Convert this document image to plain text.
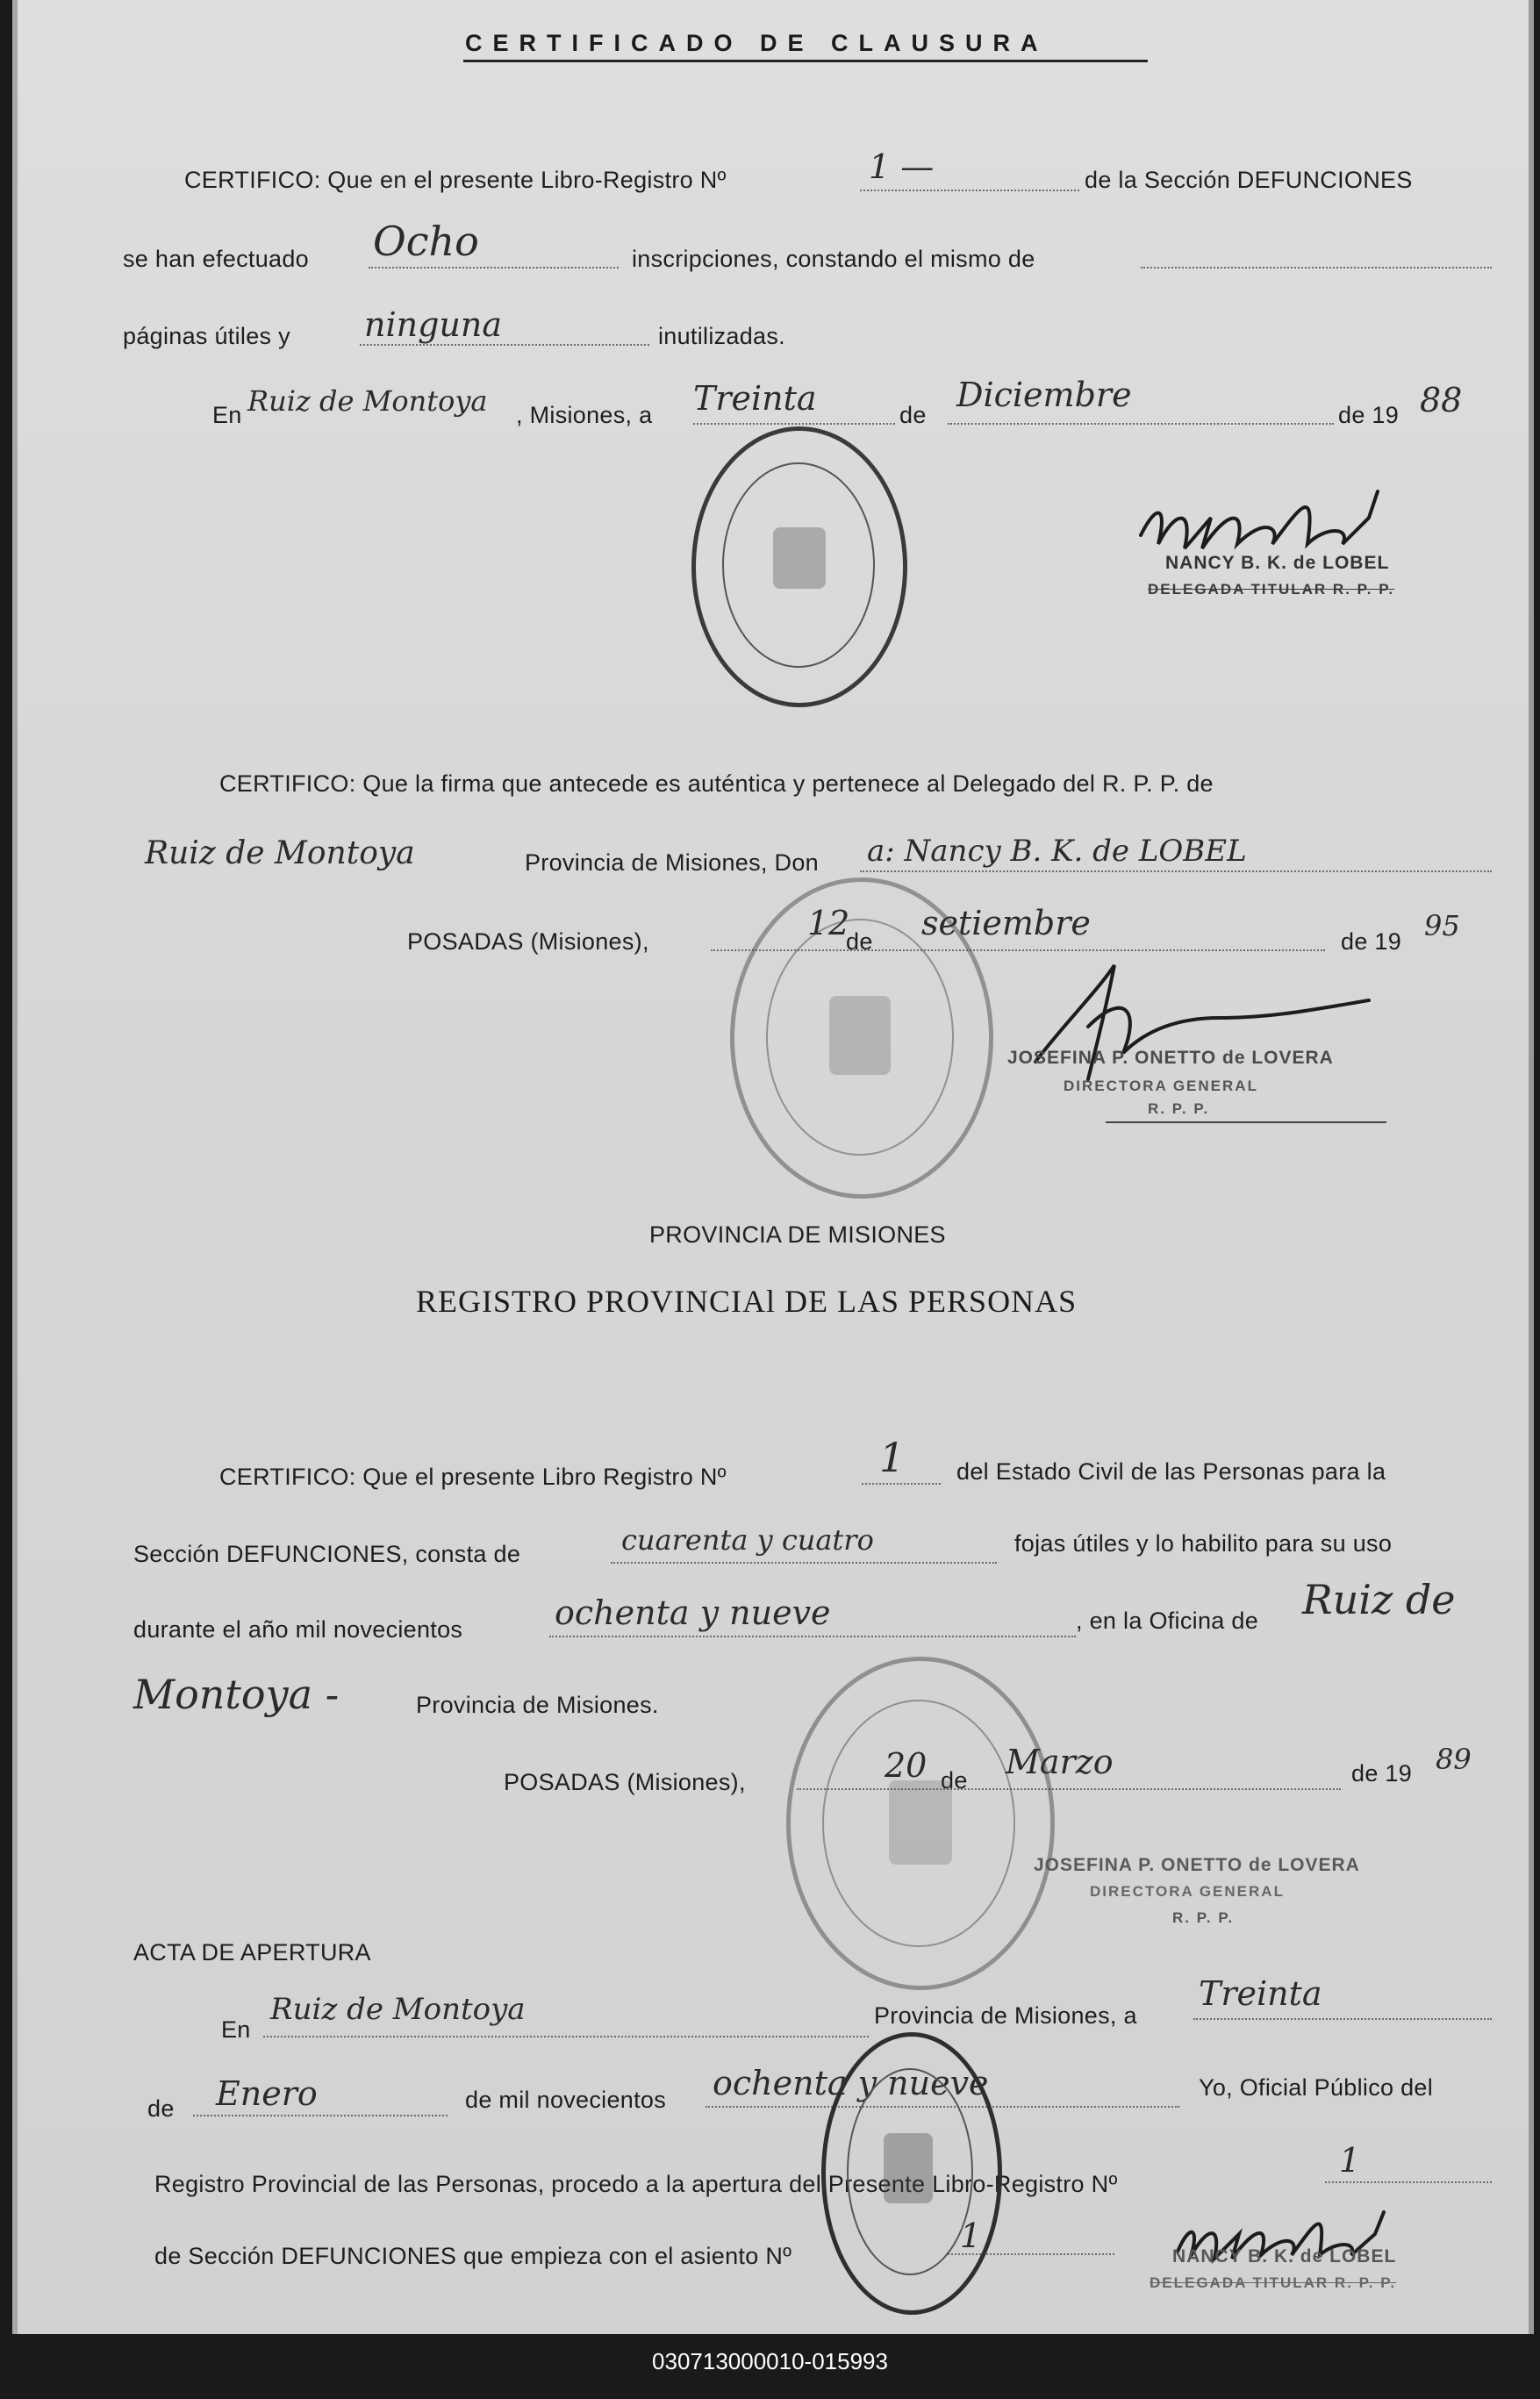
CERTIFICADO DE CLAUSURA
CERTIFICO: Que en el presente Libro-Registro Nº	1 —	de la Sección DEFUNCIONES
se han efectuado Ocho	inscripciones, constando el mismo de
páginas útiles y ninguna	inutilizadas.
En Ruiz de Montoya , Misiones, a Treinta	de
Diciembre
de 19 88
NANCY B. K. de LOBEL
DELEGADA TITULAR R. P. P.
CERTIFICO: Que la firma que antecede es auténtica y pertenece al Delegado del R. P. P. de
Ruiz de Montoya	Provincia de Misiones, Don a: Nancy B. K. de LOBEL
POSADAS (Misiones),	12
de setiembre	de 19 95
JOSEFINA P. ONETTO de LOVERA
DIRECTORA GENERAL
R. P. P.
PROVINCIA DE MISIONES
REGISTRO PROVINCIAl DE LAS PERSONAS
CERTIFICO: Que el presente Libro Registro Nº	1 del Estado Civil de las Personas para la
Sección DEFUNCIONES, consta de	cuarenta y cuatro	fojas útiles y lo habilito para su uso
durante el año mil novecientos	ochenta y nueve	, en la Oficina de Ruiz de
Montoya -	Provincia de Misiones.
POSADAS (Misiones),	20 de Marzo	de 19 89
JOSEFINA P. ONETTO de LOVERA
DIRECTORA GENERAL
R. P. P.
ACTA DE APERTURA
En
Ruiz de Montoya	Provincia de Misiones, a
Treinta
de Enero	de mil novecientos ochenta y nueve	Yo, Oficial Público del
Registro Provincial de las Personas, procedo a la apertura del Presente Libro-Registro Nº
1
de Sección DEFUNCIONES que empieza con el asiento Nº
1
NANCY B. K. de LOBEL
DELEGADA TITULAR R. P. P.
030713000010-015993
